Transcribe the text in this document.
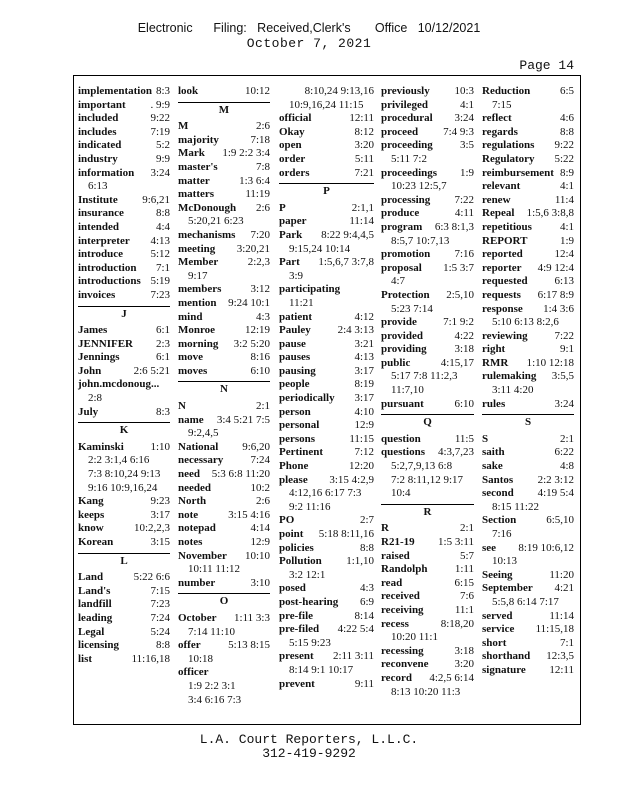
Electronic      Filing:   Received,Clerk's       Office   10/12/2021
October 7, 2021
Page 14
implementation 8:3
important . 9:9
included	9:22
includes	7:19
indicated	5:2
industry	9:9
information 3:24
6:13
Institute 9:6,21
insurance	8:8
intended	4:4
interpreter 4:13
introduce 5:12
introduction 7:1
introductions 5:19
invoices	7:23
J
James	6:1
JENNIFER 2:3
Jennings	6:1
John	2:6 5:21
john.mcdonoug...
2:8
July	8:3
K
Kaminski 1:10
2:2 3:1,4 6:16
7:3 8:10,24 9:13
9:16 10:9,16,24
Kang	9:23
keeps	3:17
know	10:2,2,3
Korean	3:15
L
Land	5:22 6:6
Land's	7:15
landfill	7:23
leading	7:24
Legal	5:24
licensing	8:8
list	11:16,18
look	10:12
M
M	2:6
majority	7:18
Mark 1:9 2:2 3:4
master's	7:8
matter	1:3 6:4
matters	11:19
McDonough 2:6
5:20,21 6:23
mechanisms 7:20
meeting 3:20,21
Member	2:2,3
9:17
members	3:12
mention 9:24 10:1
mind	4:3
Monroe	12:19
morning 3:2 5:20
move	8:16
moves	6:10
N
N	2:1
name 3:4 5:21 7:5
9:2,4,5
National 9:6,20
necessary 7:24
need 5:3 6:8 11:20
needed	10:2
North	2:6
note	3:15 4:16
notepad	4:14
notes	12:9
November 10:10
10:11 11:12
number	3:10
O
October 1:11 3:3
7:14 11:10
offer	5:13 8:15
10:18
officer
1:9 2:2 3:1
3:4 6:16 7:3
8:10,24 9:13,16
10:9,16,24 11:15
official	12:11
Okay	8:12
open	3:20
order	5:11
orders	7:21
P
P	2:1,1
paper	11:14
Park 8:22 9:4,4,5
9:15,24 10:14
Part 1:5,6,7 3:7,8
3:9
participating
11:21
patient	4:12
Pauley 2:4 3:13
pause	3:21
pauses	4:13
pausing	3:17
people	8:19
periodically 3:17
person	4:10
personal	12:9
persons	11:15
Pertinent	7:12
Phone	12:20
please 3:15 4:2,9
4:12,16 6:17 7:3
9:2 11:16
PO	2:7
point 5:18 8:11,16
policies	8:8
Pollution 1:1,10
3:2 12:1
posed	4:3
post-hearing 6:9
pre-file	8:14
pre-filed 4:22 5:4
5:15 9:23
present 2:11 3:11
8:14 9:1 10:17
prevent	9:11
previously 10:3
privileged	4:1
procedural 3:24
proceed 7:4 9:3
proceeding 3:5
5:11 7:2
proceedings 1:9
10:23 12:5,7
processing 7:22
produce	4:11
program 6:3 8:1,3
8:5,7 10:7,13
promotion 7:16
proposal 1:5 3:7
4:7
Protection 2:5,10
5:23 7:14
provide 7:1 9:2
provided	4:22
providing	3:18
public	4:15,17
5:17 7:8 11:2,3
11:7,10
pursuant	6:10
Q
question	11:5
questions 4:3,7,23
5:2,7,9,13 6:8
7:2 8:11,12 9:17
10:4
R
R	2:1
R21-19 1:5 3:11
raised	5:7
Randolph 1:11
read	6:15
received	7:6
receiving	11:1
recess	8:18,20
10:20 11:1
recessing	3:18
reconvene 3:20
record 4:2,5 6:14
8:13 10:20 11:3
Reduction	6:5
7:15
reflect	4:6
regards	8:8
regulations 9:22
Regulatory 5:22
reimbursement 8:9
relevant	4:1
renew	11:4
Repeal 1:5,6 3:8,8
repetitious	4:1
REPORT	1:9
reported	12:4
reporter 4:9 12:4
requested 6:13
requests 6:17 8:9
response 1:4 3:6
5:10 6:13 8:2,6
reviewing 7:22
right	9:1
RMR 1:10 12:18
rulemaking 3:5,5
3:11 4:20
rules	3:24
S
S	2:1
saith	6:22
sake	4:8
Santos 2:2 3:12
second 4:19 5:4
8:15 11:22
Section	6:5,10
7:16
see 8:19 10:6,12
10:13
Seeing	11:20
September 4:21
5:5,8 6:14 7:17
served	11:14
service 11:15,18
short	7:1
shorthand 12:3,5
signature 12:11
L.A. Court Reporters, L.L.C.
312-419-9292
